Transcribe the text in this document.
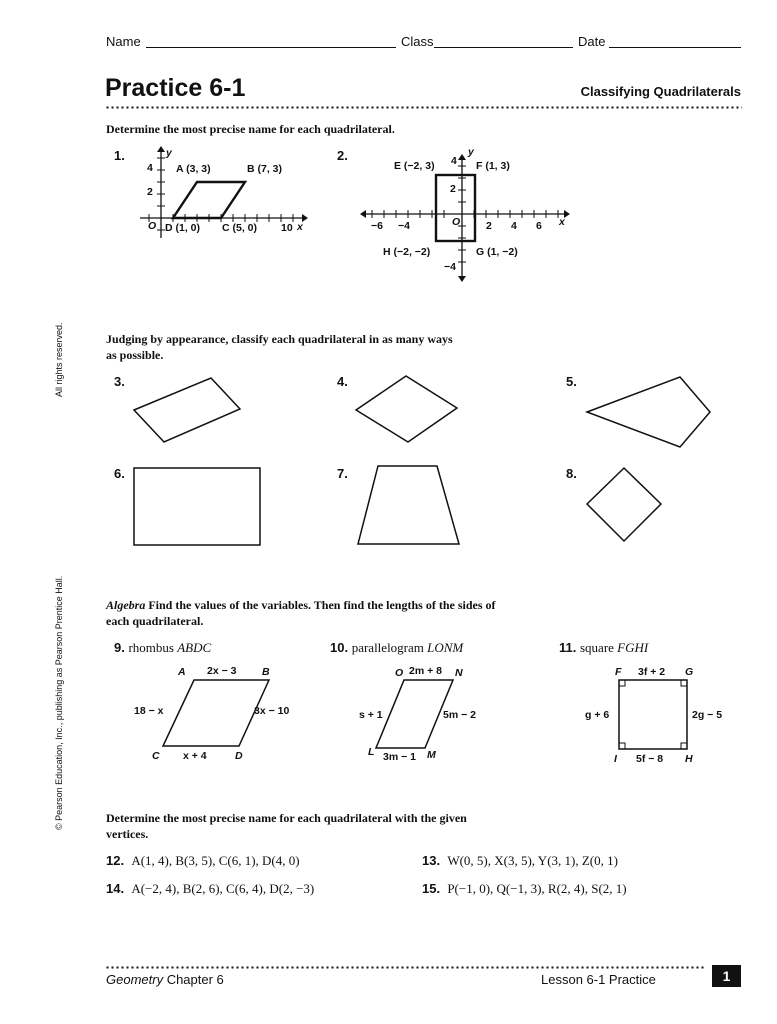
Name	Class	Date
Practice 6-1	Classifying Quadrilaterals
All rights reserved.
© Pearson Education, Inc., publishing as Pearson Prentice Hall.
Determine the most precise name for each quadrilateral.
1.	y
x
O
4
2
10
A (3, 3)	B (7, 3)
C (5, 0)
D (1, 0)
2.	y
x
O
4
2
−4
−6 −4	2 4 6
E (−2, 3)	F (1, 3)
G (1, −2)
H (−2, −2)
Judging by appearance, classify each quadrilateral in as many ways
as possible.
3.	4.	5.
6.	7.	8.
Algebra Find the values of the variables. Then find the lengths of the sides of
each quadrilateral.
9. rhombus ABDC
A	B
C	D
2x − 3
18 − x	3x − 10
x + 4
10. parallelogram LONM
O	N
L	M
2m + 8
s + 1	5m − 2
3m − 1
11. square FGHI
F	G
I	H
3f + 2
g + 6	2g − 5
5f − 8
Determine the most precise name for each quadrilateral with the given
vertices.
12. A(1, 4), B(3, 5), C(6, 1), D(4, 0)	13. W(0, 5), X(3, 5), Y(3, 1), Z(0, 1)
14. A(−2, 4), B(2, 6), C(6, 4), D(2, −3)	15. P(−1, 0), Q(−1, 3), R(2, 4), S(2, 1)
Geometry Chapter 6	Lesson 6-1 Practice	1
